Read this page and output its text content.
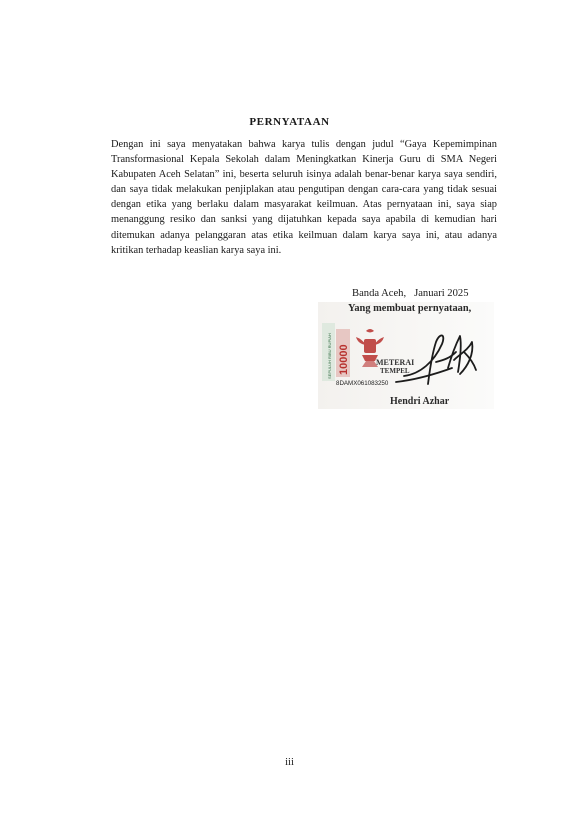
PERNYATAAN

Dengan ini saya menyatakan bahwa karya tulis dengan judul “Gaya Kepemimpinan Transformasional Kepala Sekolah dalam Meningkatkan Kinerja Guru di SMA Negeri Kabupaten Aceh Selatan” ini, beserta seluruh isinya adalah benar-benar karya saya sendiri, dan saya tidak melakukan penjiplakan atau pengutipan dengan cara-cara yang tidak sesuai dengan etika yang berlaku dalam masyarakat keilmuan. Atas pernyataan ini, saya siap menanggung resiko dan sanksi yang dijatuhkan kepada saya apabila di kemudian hari ditemukan adanya pelanggaran atas etika keilmuan dalam karya saya ini, atau adanya kritikan terhadap keaslian karya saya ini.

Banda Aceh,   Januari 2025
Yang membuat pernyataan,
SEPULUH RIBU RUPIAH 10000	METERAI
TEMPEL
8DAMX061083250
Hendri Azhar
iii
